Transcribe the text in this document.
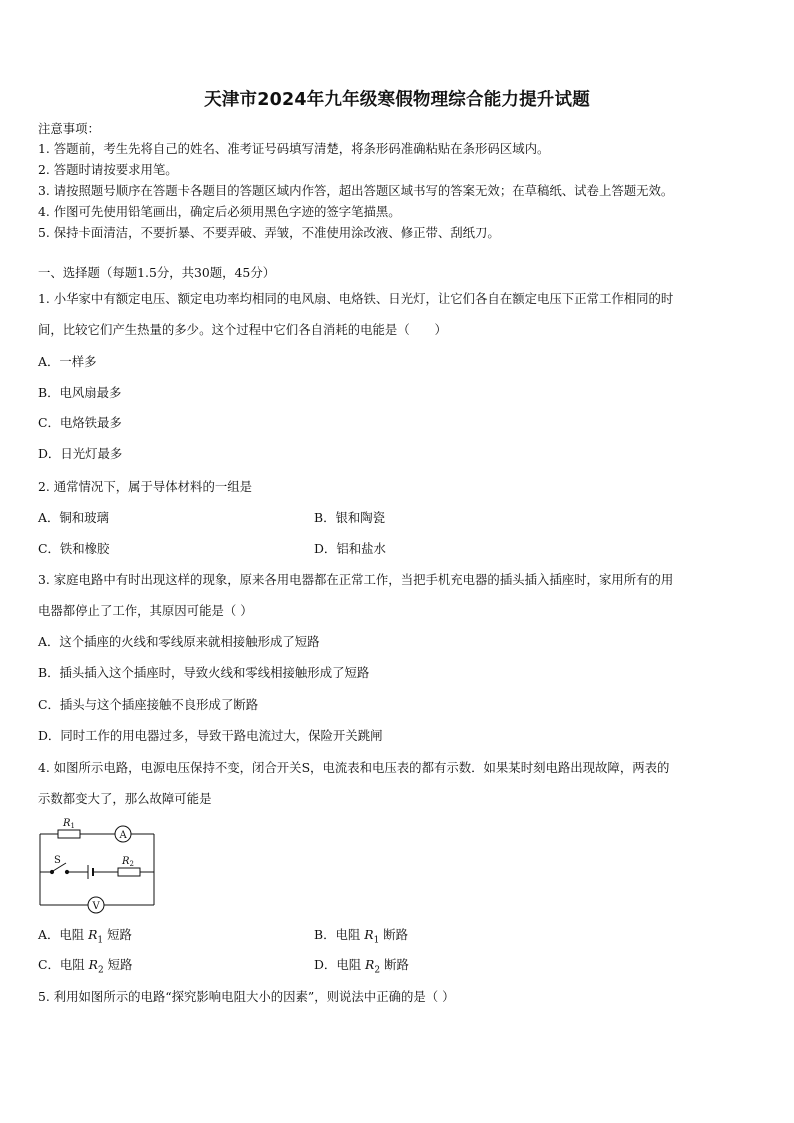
天津市2024年九年级寒假物理综合能力提升试题
注意事项：
1. 答题前，考生先将自己的姓名、准考证号码填写清楚，将条形码准确粘贴在条形码区域内。
2. 答题时请按要求用笔。
3. 请按照题号顺序在答题卡各题目的答题区域内作答，超出答题区域书写的答案无效；在草稿纸、试卷上答题无效。
4. 作图可先使用铅笔画出，确定后必须用黑色字迹的签字笔描黑。
5. 保持卡面清洁，不要折暴、不要弄破、弄皱，不准使用涂改液、修正带、刮纸刀。
一、选择题（每题1.5分，共30题，45分）
1. 小华家中有额定电压、额定电功率均相同的电风扇、电烙铁、日光灯，让它们各自在额定电压下正常工作相同的时
间，比较它们产生热量的多少。这个过程中它们各自消耗的电能是（　　）
A．一样多
B．电风扇最多
C．电烙铁最多
D．日光灯最多
2. 通常情况下，属于导体材料的一组是
A．铜和玻璃	B．银和陶瓷
C．铁和橡胶	D．铝和盐水
3. 家庭电路中有时出现这样的现象，原来各用电器都在正常工作，当把手机充电器的插头插入插座时，家用所有的用
电器都停止了工作，其原因可能是（ ）
A．这个插座的火线和零线原来就相接触形成了短路
B．插头插入这个插座时，导致火线和零线相接触形成了短路
C．插头与这个插座接触不良形成了断路
D．同时工作的用电器过多，导致干路电流过大，保险开关跳闸
4. 如图所示电路，电源电压保持不变，闭合开关S，电流表和电压表的都有示数．如果某时刻电路出现故障，两表的
示数都变大了，那么故障可能是
$R_1$
A
S	$R_2$
V
A．电阻 $R_1$ 短路	B．电阻 $R_1$ 断路
C．电阻 $R_2$ 短路	D．电阻 $R_2$ 断路
5. 利用如图所示的电路“探究影响电阻大小的因素”，则说法中正确的是（ ）
